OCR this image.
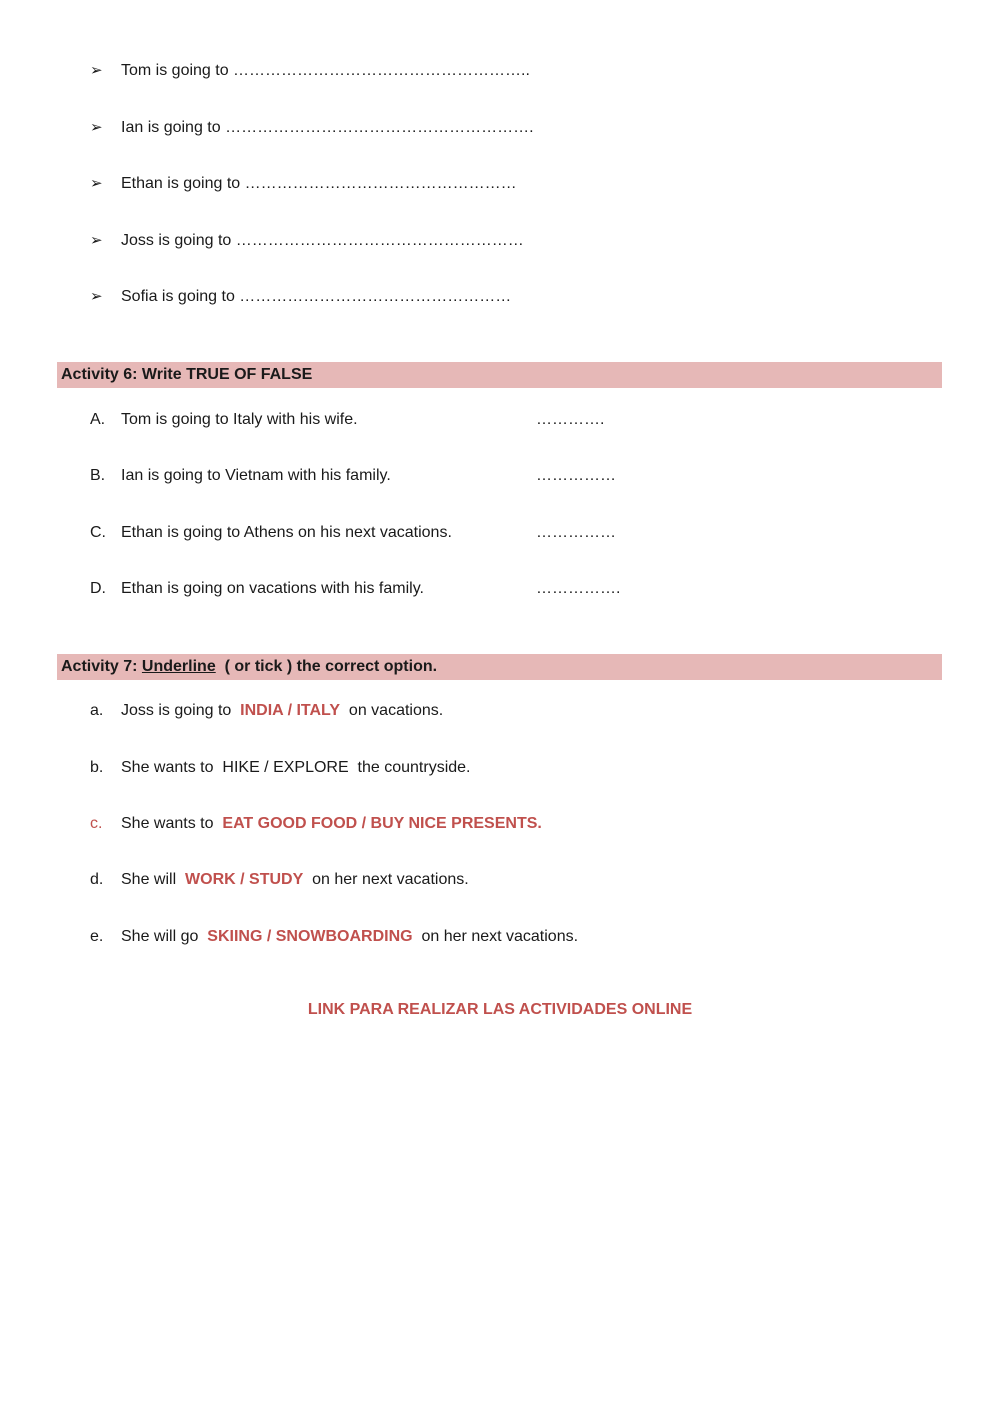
➢ Tom is going to ………………………………………………..
➢ Ian is going to ………………………………………………….
➢ Ethan is going to ……………………………………………
➢ Joss is going to ………………………………………………
➢ Sofia is going to ……………………………………………
Activity 6: Write TRUE OF FALSE
A. Tom is going to Italy with his wife.	………….
B. Ian is going to Vietnam with his family.	……………
C. Ethan is going to Athens on his next vacations.	……………
D. Ethan is going on vacations with his family.	…………….
Activity 7: Underline  ( or tick ) the correct option.
a. Joss is going to  INDIA / ITALY  on vacations.
b. She wants to  HIKE / EXPLORE  the countryside.
c. She wants to  EAT GOOD FOOD / BUY NICE PRESENTS.
d. She will  WORK / STUDY  on her next vacations.
e. She will go  SKIING / SNOWBOARDING  on her next vacations.
LINK PARA REALIZAR LAS ACTIVIDADES ONLINE
